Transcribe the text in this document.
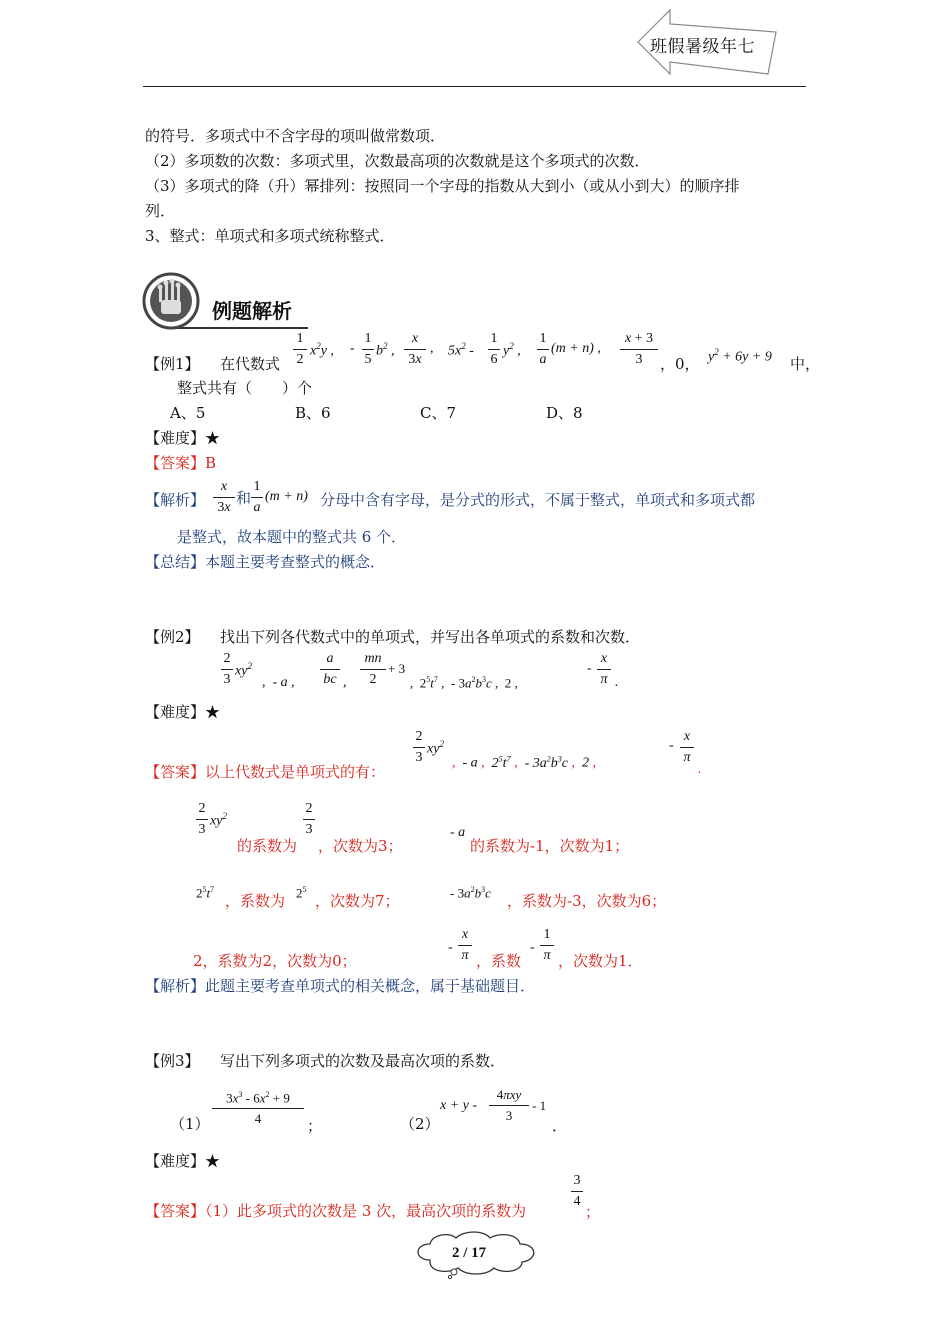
班假暑级年七
的符号．多项式中不含字母的项叫做常数项．
（2）多项数的次数：多项式里，次数最高项的次数就是这个多项式的次数．
（3）多项式的降（升）幂排列：按照同一个字母的指数从大到小（或从小到大）的顺序排
列．
3、整式：单项式和多项式统称整式．
例题解析
【例1】 在代数式
1
2
$x^2y$ , -
1
5
$b^2$ ,
x
3x
, $5x^2$ -
1
6
$y^2$ ,
1
a
(m + n) ,
x + 3
3	，0， $y^2 + 6y + 9$ 中，
整式共有（　　）个
A、5	B、6	C、7	D、8
【难度】★
【答案】B
【解析】
x
3x
和
1
a
(m + n) 分母中含有字母，是分式的形式，不属于整式，单项式和多项式都
是整式，故本题中的整式共 6 个．
【总结】本题主要考查整式的概念．
【例2】 找出下列各代数式中的单项式，并写出各单项式的系数和次数．
2
3
$xy^2$
,  - a ,
a
bc ,
mn
2
+ 3
,  $2^5t^7$ ,  - $3a^2b^3c$ ,  2 ,
-
x
π .
【难度】★
【答案】以上代数式是单项式的有：
2
3
$xy^2$
,  - a ,  $2^5t^7$ ,  - $3a^2b^3c$ ,  2 ,
-
x
π
.
2
3
$xy^2$
的系数为
2
3
，次数为3；
- a
的系数为-1，次数为1；
$2^5t^7$
，系数为 $2^5$
，次数为7；	- $3a^2b^3c$ ，系数为-3，次数为6；
2，系数为2，次数为0；
-
x
π ，系数
-
1
π ，次数为1．
【解析】此题主要考查单项式的相关概念，属于基础题目．
【例3】 写出下列多项式的次数及最高次项的系数．
（1）
$3x^3 - 6x^2 + 9$
4	；	（2）
x + y -
4πxy
3
- 1
．
【难度】★
【答案】（1）此多项式的次数是 3 次，最高次项的系数为
3
4
；
2 / 17
